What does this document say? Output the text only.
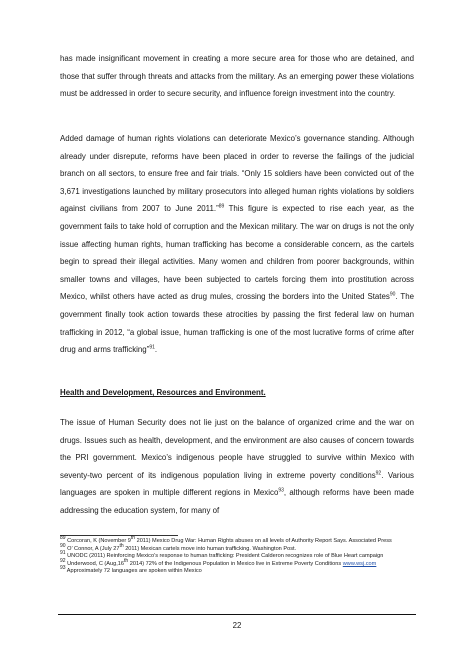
has made insignificant movement in creating a more secure area for those who are detained, and those that suffer through threats and attacks from the military. As an emerging power these violations must be addressed in order to secure security, and influence foreign investment into the country.

Added damage of human rights violations can deteriorate Mexico’s governance standing. Although already under disrepute, reforms have been placed in order to reverse the failings of the judicial branch on all sectors, to ensure free and fair trials. “Only 15 soldiers have been convicted out of the 3,671 investigations launched by military prosecutors into alleged human rights violations by soldiers against civilians from 2007 to June 2011.”$^{89}$ This figure is expected to rise each year, as the government fails to take hold of corruption and the Mexican military. The war on drugs is not the only issue affecting human rights, human trafficking has become a considerable concern, as the cartels begin to spread their illegal activities. Many women and children from poorer backgrounds, within smaller towns and villages, have been subjected to cartels forcing them into prostitution across Mexico, whilst others have acted as drug mules, crossing the borders into the United States$^{90}$. The government finally took action towards these atrocities by passing the first federal law on human trafficking in 2012, “a global issue, human trafficking is one of the most lucrative forms of crime after drug and arms trafficking”$^{91}$.

Health and Development, Resources and Environment.

The issue of Human Security does not lie just on the balance of organized crime and the war on drugs. Issues such as health, development, and the environment are also causes of concern towards the PRI government. Mexico’s indigenous people have struggled to survive within Mexico with seventy-two percent of its indigenous population living in extreme poverty conditions$^{92}$. Various languages are spoken in multiple different regions in Mexico$^{93}$, although reforms have been made addressing the education system, for many of

$^{89}$ Corcoran, K (November 9th 2011) Mexico Drug War: Human Rights abuses on all levels of Authority Report Says. Associated Press
$^{90}$ O’ Connor, A (July 27th 2011) Mexican cartels move into human trafficking. Washington Post.
$^{91}$ UNODC (2011) Reinforcing Mexico’s response to human trafficking: President Calderon recognizes role of Blue Heart campaign
$^{92}$ Underwood, C (Aug,16th 2014) 72% of the Indigenous Population in Mexico live in Extreme Poverty Conditions www.wsj.com
$^{93}$ Approximately 72 languages are spoken within Mexico
22
